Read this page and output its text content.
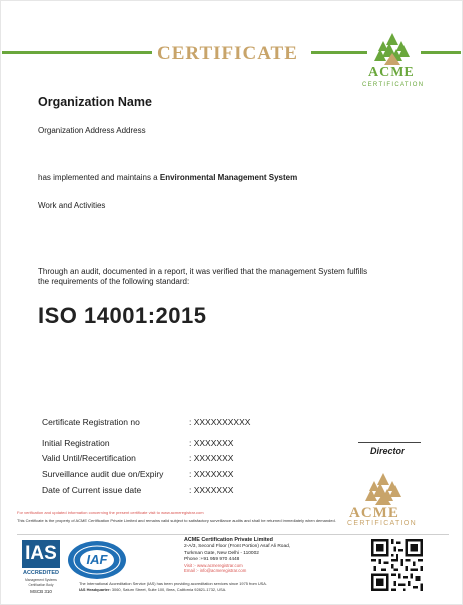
CERTIFICATE
ACME
CERTIFICATION
Organization Name
Organization Address Address
has implemented and maintains a Environmental Management System
Work and Activities
Through an audit, documented in a report, it was verified that the management System fulfills
the requirements of the following standard:
ISO 14001:2015
Certificate Registration no	: XXXXXXXXXX
Initial Registration	: XXXXXXX
Valid Until/Recertification	: XXXXXXX
Surveillance audit due on/Expiry	: XXXXXXX
Date of Current issue date	: XXXXXXX
Director
ACME
CERTIFICATION
For verification and updated information concerning the present certificate visit to www.acmeregistrar.com
This Certificate is the property of ACME Certification Private Limited and remains valid subject to satisfactory surveillance audits and shall be returned immediately when demanded.
IAS
ACCREDITED
Management Systems
Certification Body
MSCB 310
IAF
ACME Certification Private Limited
2-A/3, Second Floor (Front Portion) Asaf Ali Road,
Turkman Gate, New Delhi - 110002
Phone :+91 959 970 4448
Visit :- www.acmeregistrar.com
Email :- info@acmeregistrar.com
The International Accreditation Service (IAS) has been providing accreditation services since 1975 from USA.
IAS Headquarter: 3060, Saturn Street, Suite 100, Brea, California 92821-1732, USA.
